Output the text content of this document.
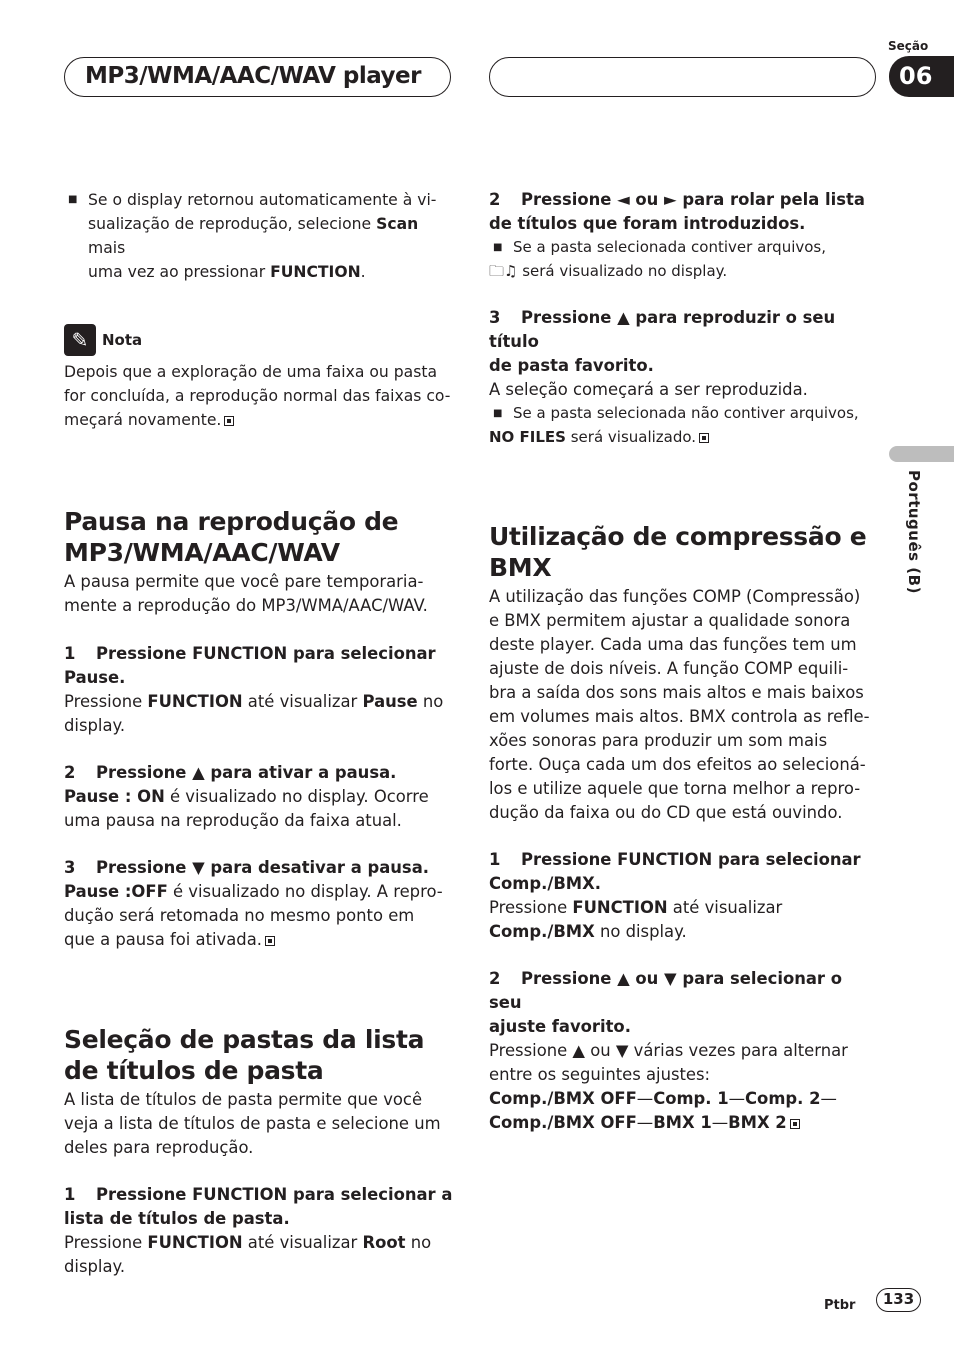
MP3/WMA/AAC/WAV player
Seção
06
Português (B)
■ Se o display retornou automaticamente à vi-
sualização de reprodução, selecione Scan mais
uma vez ao pressionar FUNCTION.

✎ Nota

Depois que a exploração de uma faixa ou pasta
for concluída, a reprodução normal das faixas co-
meçará novamente.

Pausa na reprodução de
MP3/WMA/AAC/WAV

A pausa permite que você pare temporaria-
mente a reprodução do MP3/WMA/AAC/WAV.

1 Pressione FUNCTION para selecionar
Pause.

Pressione FUNCTION até visualizar Pause no
display.

2 Pressione ▲ para ativar a pausa.

Pause : ON é visualizado no display. Ocorre
uma pausa na reprodução da faixa atual.

3 Pressione ▼ para desativar a pausa.

Pause :OFF é visualizado no display. A repro-
dução será retomada no mesmo ponto em
que a pausa foi ativada.

Seleção de pastas da lista
de títulos de pasta

A lista de títulos de pasta permite que você
veja a lista de títulos de pasta e selecione um
deles para reprodução.

1 Pressione FUNCTION para selecionar a
lista de títulos de pasta.

Pressione FUNCTION até visualizar Root no
display.

2 Pressione ◄ ou ► para rolar pela lista
de títulos que foram introduzidos.

■ Se a pasta selecionada contiver arquivos,

🗀♫ será visualizado no display.

3 Pressione ▲ para reproduzir o seu título
de pasta favorito.

A seleção começará a ser reproduzida.

■ Se a pasta selecionada não contiver arquivos,

NO FILES será visualizado.

Utilização de compressão e
BMX

A utilização das funções COMP (Compressão)
e BMX permitem ajustar a qualidade sonora
deste player. Cada uma das funções tem um
ajuste de dois níveis. A função COMP equili-
bra a saída dos sons mais altos e mais baixos
em volumes mais altos. BMX controla as refle-
xões sonoras para produzir um som mais
forte. Ouça cada um dos efeitos ao selecioná-
los e utilize aquele que torna melhor a repro-
dução da faixa ou do CD que está ouvindo.

1 Pressione FUNCTION para selecionar
Comp./BMX.

Pressione FUNCTION até visualizar
Comp./BMX no display.

2 Pressione ▲ ou ▼ para selecionar o seu
ajuste favorito.

Pressione ▲ ou ▼ várias vezes para alternar
entre os seguintes ajustes:

Comp./BMX OFF—Comp. 1—Comp. 2—
Comp./BMX OFF—BMX 1—BMX 2

Ptbr	133
